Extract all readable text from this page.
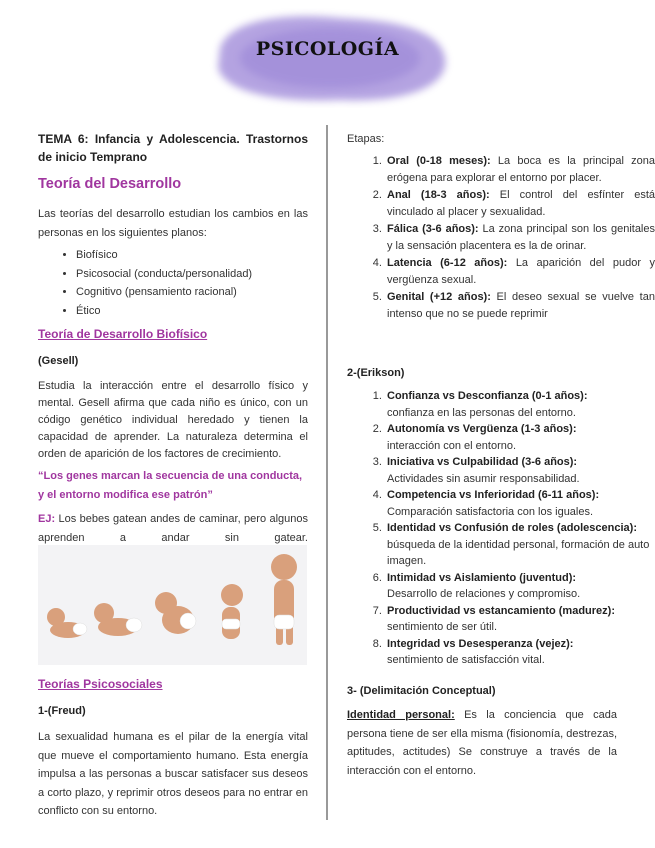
PSICOLOGÍA
TEMA 6: Infancia y Adolescencia. Trastornos de inicio Temprano
Teoría del Desarrollo
Las teorías del desarrollo estudian los cambios en las personas en los siguientes planos:
• Biofísico
• Psicosocial (conducta/personalidad)
• Cognitivo (pensamiento racional)
• Ético
Teoría de Desarrollo Biofísico
(Gesell)
Estudia la interacción entre el desarrollo físico y mental. Gesell afirma que cada niño es único, con un código genético individual heredado y tienen la capacidad de aprender. La naturaleza determina el orden de aparición de los factores de crecimiento.
“Los genes marcan la secuencia de una conducta, y el entorno modifica ese patrón”
EJ: Los bebes gatean andes de caminar, pero algunos aprenden a andar sin gatear.
Teorías Psicosociales
1-(Freud)
La sexualidad humana es el pilar de la energía vital que mueve el comportamiento humano. Esta energía impulsa a las personas a buscar satisfacer sus deseos a corto plazo, y reprimir otros deseos para no entrar en conflicto con su entorno.
Etapas:
1. Oral (0-18 meses): La boca es la principal zona erógena para explorar el entorno por placer.
2. Anal (18-3 años): El control del esfínter está vinculado al placer y sexualidad.
3. Fálica (3-6 años): La zona principal son los genitales y la sensación placentera es la de orinar.
4. Latencia (6-12 años): La aparición del pudor y vergüenza sexual.
5. Genital (+12 años): El deseo sexual se vuelve tan intenso que no se puede reprimir
2-(Erikson)
1. Confianza vs Desconfianza (0-1 años):
confianza en las personas del entorno.
2. Autonomía vs Vergüenza (1-3 años):
interacción con el entorno.
3. Iniciativa vs Culpabilidad (3-6 años):
Actividades sin asumir responsabilidad.
4. Competencia vs Inferioridad (6-11 años):
Comparación satisfactoria con los iguales.
5. Identidad vs Confusión de roles (adolescencia): búsqueda de la identidad personal, formación de auto imagen.
6. Intimidad vs Aislamiento (juventud):
Desarrollo de relaciones y compromiso.
7. Productividad vs estancamiento (madurez): sentimiento de ser útil.
8. Integridad vs Desesperanza (vejez):
sentimiento de satisfacción vital.
3- (Delimitación Conceptual)
Identidad personal: Es la conciencia que cada persona tiene de ser ella misma (fisionomía, destrezas, aptitudes, actitudes) Se construye a través de la interacción con el entorno.
